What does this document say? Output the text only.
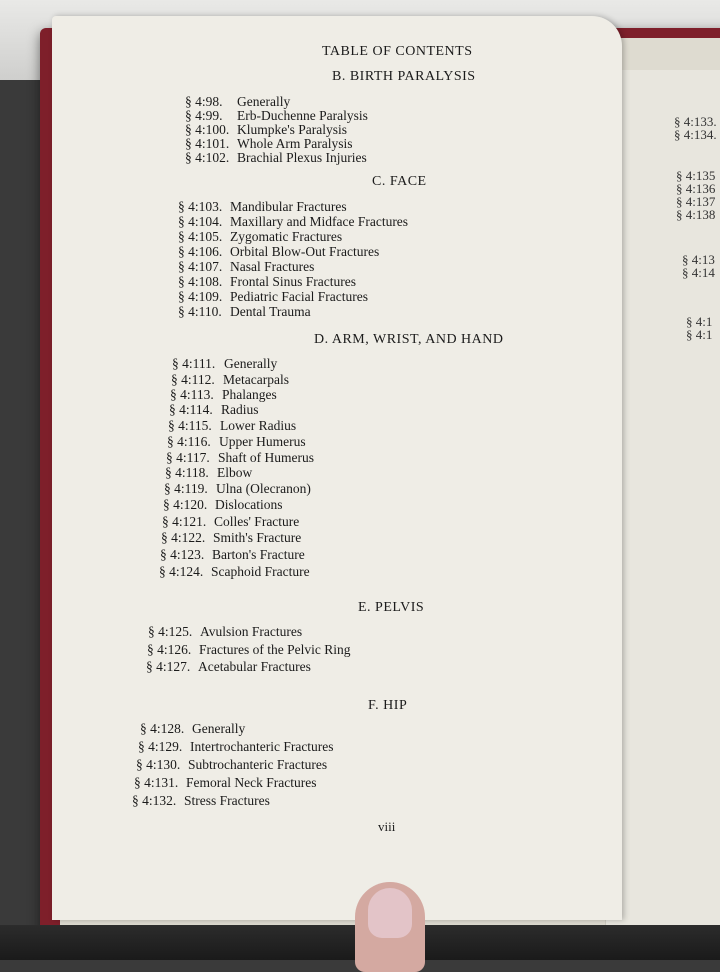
§ 4:133.
§ 4:134.
§ 4:135
§ 4:136
§ 4:137
§ 4:138
§ 4:13
§ 4:14
§ 4:1
§ 4:1
TABLE OF CONTENTS
B. BIRTH PARALYSIS
§ 4:98. Generally
§ 4:99. Erb-Duchenne Paralysis
§ 4:100. Klumpke's Paralysis
§ 4:101. Whole Arm Paralysis
§ 4:102. Brachial Plexus Injuries
C. FACE
§ 4:103. Mandibular Fractures
§ 4:104. Maxillary and Midface Fractures
§ 4:105. Zygomatic Fractures
§ 4:106. Orbital Blow-Out Fractures
§ 4:107. Nasal Fractures
§ 4:108. Frontal Sinus Fractures
§ 4:109. Pediatric Facial Fractures
§ 4:110. Dental Trauma
D. ARM, WRIST, AND HAND
§ 4:111. Generally
§ 4:112. Metacarpals
§ 4:113. Phalanges
§ 4:114. Radius
§ 4:115. Lower Radius
§ 4:116. Upper Humerus
§ 4:117. Shaft of Humerus
§ 4:118. Elbow
§ 4:119. Ulna (Olecranon)
§ 4:120. Dislocations
§ 4:121. Colles' Fracture
§ 4:122. Smith's Fracture
§ 4:123. Barton's Fracture
§ 4:124. Scaphoid Fracture
E. PELVIS
§ 4:125. Avulsion Fractures
§ 4:126. Fractures of the Pelvic Ring
§ 4:127. Acetabular Fractures
F. HIP
§ 4:128. Generally
§ 4:129. Intertrochanteric Fractures
§ 4:130. Subtrochanteric Fractures
§ 4:131. Femoral Neck Fractures
§ 4:132. Stress Fractures
viii
